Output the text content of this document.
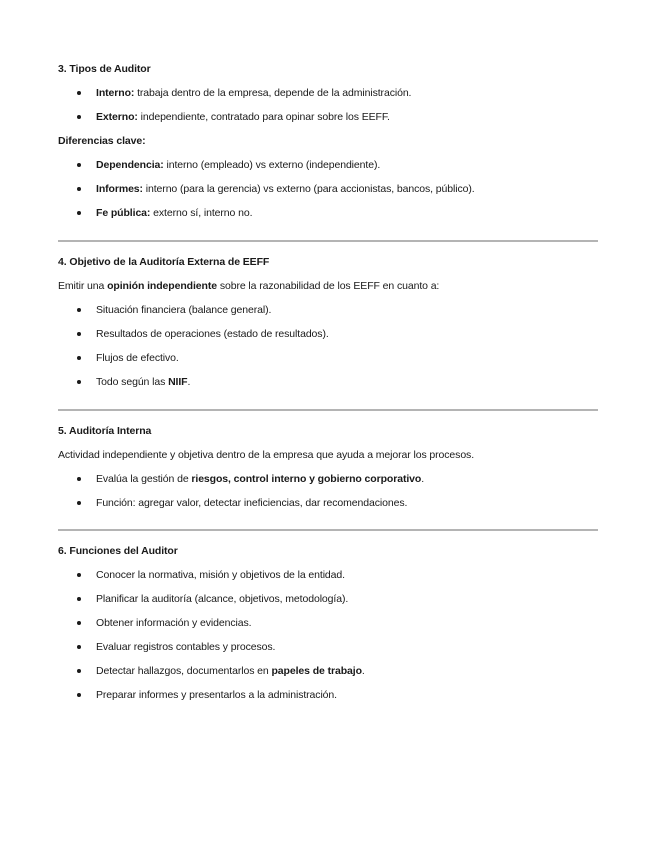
3. Tipos de Auditor
Interno: trabaja dentro de la empresa, depende de la administración.
Externo: independiente, contratado para opinar sobre los EEFF.

Diferencias clave:

Dependencia: interno (empleado) vs externo (independiente).
Informes: interno (para la gerencia) vs externo (para accionistas, bancos, público).
Fe pública: externo sí, interno no.
4. Objetivo de la Auditoría Externa de EEFF

Emitir una opinión independiente sobre la razonabilidad de los EEFF en cuanto a:

Situación financiera (balance general).
Resultados de operaciones (estado de resultados).
Flujos de efectivo.
Todo según las NIIF.
5. Auditoría Interna

Actividad independiente y objetiva dentro de la empresa que ayuda a mejorar los procesos.

Evalúa la gestión de riesgos, control interno y gobierno corporativo.
Función: agregar valor, detectar ineficiencias, dar recomendaciones.
6. Funciones del Auditor
Conocer la normativa, misión y objetivos de la entidad.
Planificar la auditoría (alcance, objetivos, metodología).
Obtener información y evidencias.
Evaluar registros contables y procesos.
Detectar hallazgos, documentarlos en papeles de trabajo.
Preparar informes y presentarlos a la administración.
